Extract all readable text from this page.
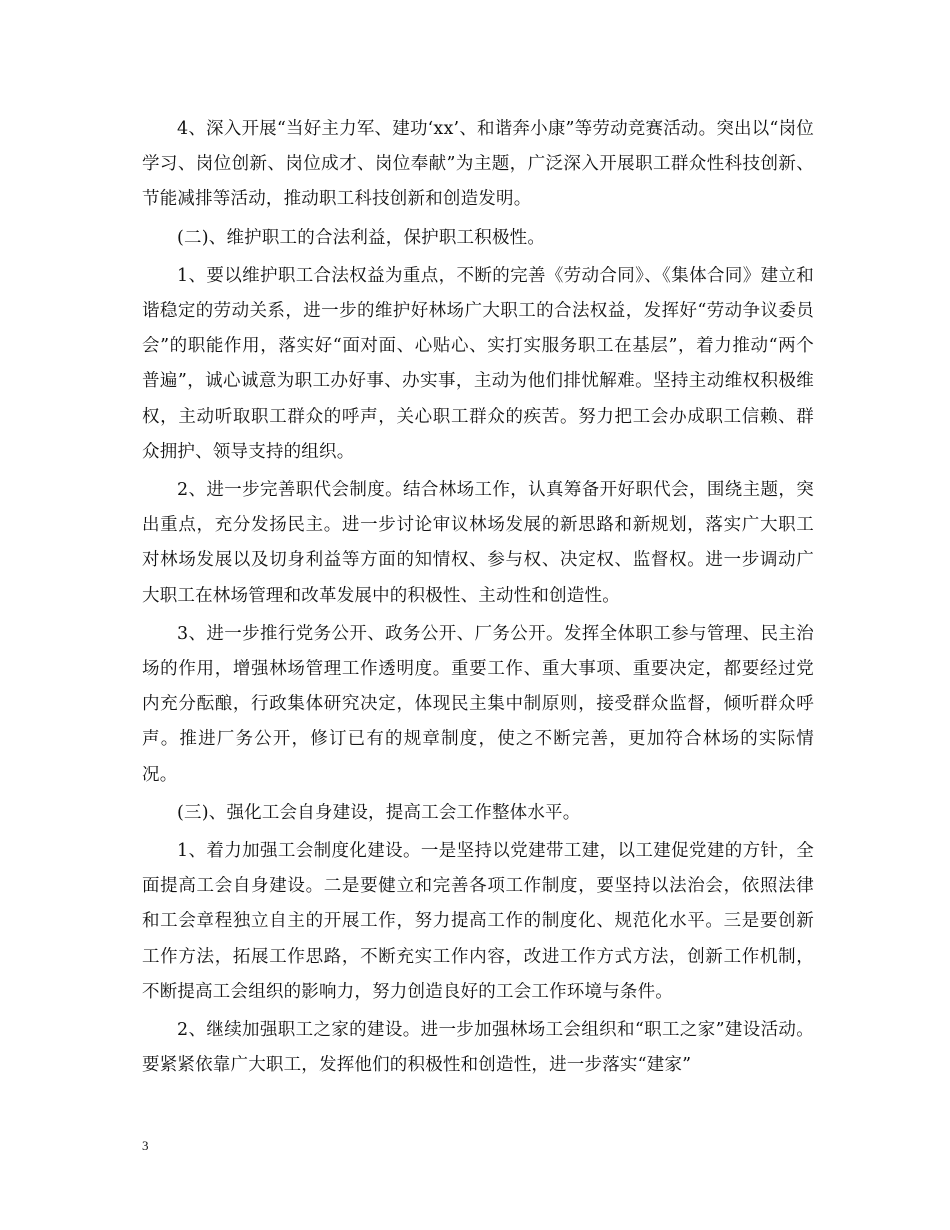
4、深入开展“当好主力军、建功‘xx’、和谐奔小康”等劳动竞赛活动。突出以“岗位学习、岗位创新、岗位成才、岗位奉献”为主题，广泛深入开展职工群众性科技创新、节能减排等活动，推动职工科技创新和创造发明。

(二)、维护职工的合法利益，保护职工积极性。

1、要以维护职工合法权益为重点，不断的完善《劳动合同》、《集体合同》建立和谐稳定的劳动关系，进一步的维护好林场广大职工的合法权益，发挥好“劳动争议委员会”的职能作用，落实好“面对面、心贴心、实打实服务职工在基层”，着力推动“两个普遍”，诚心诚意为职工办好事、办实事，主动为他们排忧解难。坚持主动维权积极维权，主动听取职工群众的呼声，关心职工群众的疾苦。努力把工会办成职工信赖、群众拥护、领导支持的组织。

2、进一步完善职代会制度。结合林场工作，认真筹备开好职代会，围绕主题，突出重点，充分发扬民主。进一步讨论审议林场发展的新思路和新规划，落实广大职工对林场发展以及切身利益等方面的知情权、参与权、决定权、监督权。进一步调动广大职工在林场管理和改革发展中的积极性、主动性和创造性。

3、进一步推行党务公开、政务公开、厂务公开。发挥全体职工参与管理、民主治场的作用，增强林场管理工作透明度。重要工作、重大事项、重要决定，都要经过党内充分酝酿，行政集体研究决定，体现民主集中制原则，接受群众监督，倾听群众呼声。推进厂务公开，修订已有的规章制度，使之不断完善，更加符合林场的实际情况。

(三)、强化工会自身建设，提高工会工作整体水平。

1、着力加强工会制度化建设。一是坚持以党建带工建，以工建促党建的方针，全面提高工会自身建设。二是要健立和完善各项工作制度，要坚持以法治会，依照法律和工会章程独立自主的开展工作，努力提高工作的制度化、规范化水平。三是要创新工作方法，拓展工作思路，不断充实工作内容，改进工作方式方法，创新工作机制，不断提高工会组织的影响力，努力创造良好的工会工作环境与条件。

2、继续加强职工之家的建设。进一步加强林场工会组织和“职工之家”建设活动。要紧紧依靠广大职工，发挥他们的积极性和创造性，进一步落实“建家”

3
